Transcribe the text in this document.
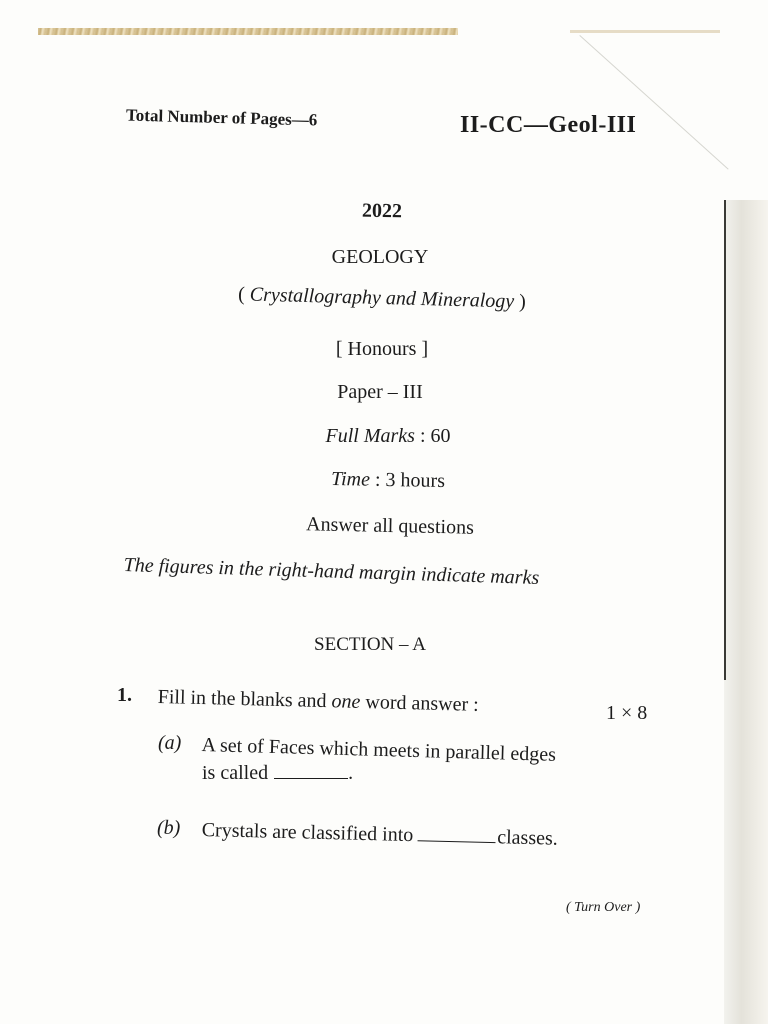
Total Number of Pages—6	II-CC—Geol-III

2022

GEOLOGY

( Crystallography and Mineralogy )

[ Honours ]

Paper – III

Full Marks : 60

Time : 3 hours

Answer all questions

The figures in the right-hand margin indicate marks

SECTION – A

1. Fill in the blanks and one word answer :	1 × 8

(a) A set of Faces which meets in parallel edges

is called	.

(b) Crystals are classified into	classes.

( Turn Over )
